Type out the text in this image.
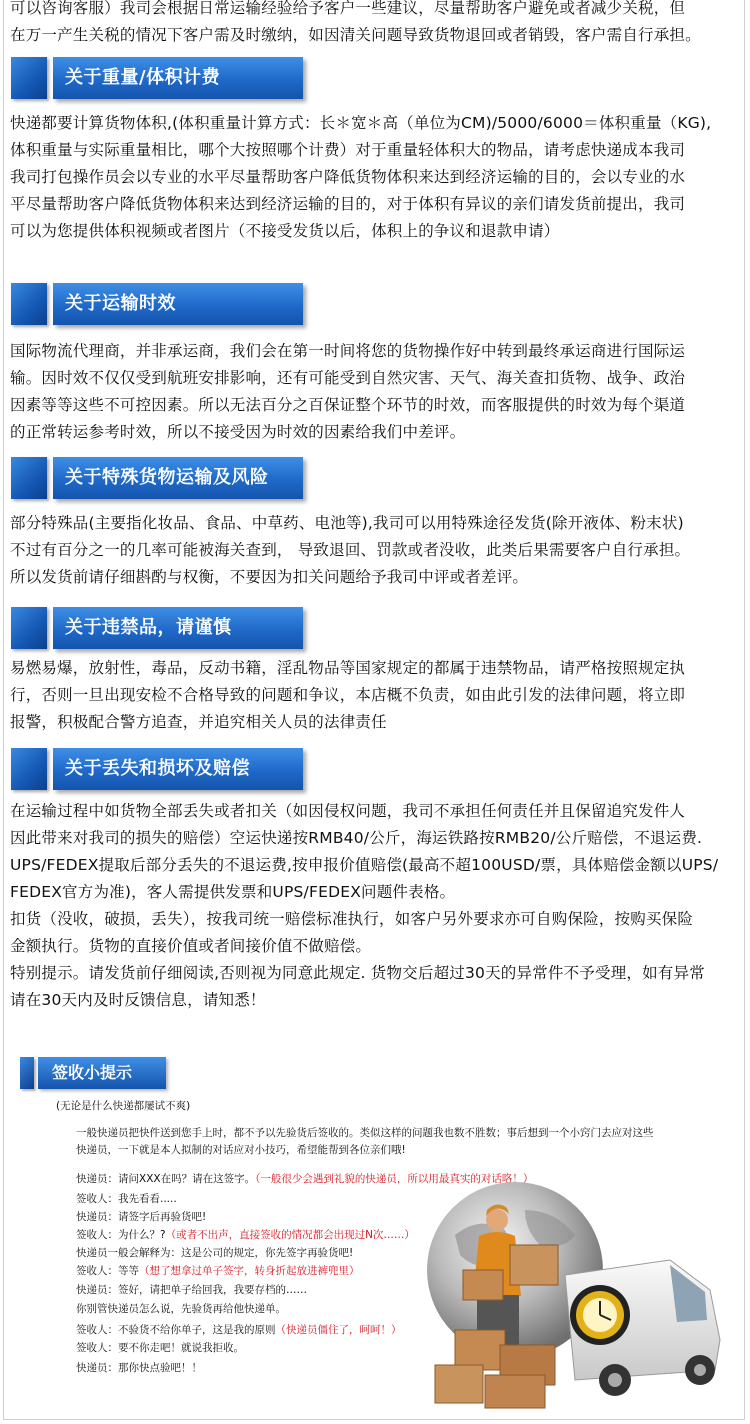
可以咨询客服）我司会根据日常运输经验给予客户一些建议，尽量帮助客户避免或者减少关税，但

在万一产生关税的情况下客户需及时缴纳，如因清关问题导致货物退回或者销毁，客户需自行承担。

关于重量/体积计费

快递都要计算货物体积,(体积重量计算方式：长＊宽＊高（单位为CM)/5000/6000＝体积重量（KG),

体积重量与实际重量相比，哪个大按照哪个计费）对于重量轻体积大的物品，请考虑快递成本我司

我司打包操作员会以专业的水平尽量帮助客户降低货物体积来达到经济运输的目的，会以专业的水

平尽量帮助客户降低货物体积来达到经济运输的目的，对于体积有异议的亲们请发货前提出，我司

可以为您提供体积视频或者图片（不接受发货以后，体积上的争议和退款申请）

关于运输时效

国际物流代理商，并非承运商，我们会在第一时间将您的货物操作好中转到最终承运商进行国际运

输。因时效不仅仅受到航班安排影响，还有可能受到自然灾害、天气、海关查扣货物、战争、政治

因素等等这些不可控因素。所以无法百分之百保证整个环节的时效，而客服提供的时效为每个渠道

的正常转运参考时效，所以不接受因为时效的因素给我们中差评。

关于特殊货物运输及风险

部分特殊品(主要指化妆品、食品、中草药、电池等),我司可以用特殊途径发货(除开液体、粉末状)

不过有百分之一的几率可能被海关查到， 导致退回、罚款或者没收，此类后果需要客户自行承担。

所以发货前请仔细斟酌与权衡，不要因为扣关问题给予我司中评或者差评。

关于违禁品，请谨慎

易燃易爆，放射性，毒品，反动书籍，淫乱物品等国家规定的都属于违禁物品，请严格按照规定执

行，否则一旦出现安检不合格导致的问题和争议，本店概不负责，如由此引发的法律问题，将立即

报警，积极配合警方追查，并追究相关人员的法律责任

关于丢失和损坏及赔偿

在运输过程中如货物全部丢失或者扣关（如因侵权问题，我司不承担任何责任并且保留追究发件人

因此带来对我司的损失的赔偿）空运快递按RMB40/公斤，海运铁路按RMB20/公斤赔偿，不退运费.

UPS/FEDEX提取后部分丢失的不退运费,按申报价值赔偿(最高不超100USD/票，具体赔偿金额以UPS/

FEDEX官方为准)，客人需提供发票和UPS/FEDEX问题件表格。

扣货（没收，破损，丢失），按我司统一赔偿标准执行，如客户另外要求亦可自购保险，按购买保险

金额执行。货物的直接价值或者间接价值不做赔偿。

特别提示。请发货前仔细阅读,否则视为同意此规定. 货物交后超过30天的异常件不予受理，如有异常

请在30天内及时反馈信息，请知悉！

签收小提示
(无论是什么快递都屡试不爽)
一般快递员把快件送到您手上时，都不予以先验货后签收的。类似这样的问题我也数不胜数；事后想到一个小窍门去应对这些
快递员，一下就是本人拟制的对话应对小技巧，希望能帮到各位亲们哦!
快递员：请问XXX在吗？请在这签字。（一般很少会遇到礼貌的快递员，所以用最真实的对话咯！）
签收人：我先看看.....
快递员：请签字后再验货吧!
签收人：为什么？?（或者不出声，直接签收的情况都会出现过N次……）
快递员一般会解释为：这是公司的规定，你先签字再验货吧!
签收人：等等（想了想拿过单子签字，转身折起放进裤兜里）
快递员：签好，请把单子给回我，我要存档的……
你别管快递员怎么说，先验货再给他快递单。
签收人：不验货不给你单子，这是我的原则（快递员僵住了，呵呵！）
签收人：要不你走吧！就说我拒收。
快递员：那你快点验吧！！
